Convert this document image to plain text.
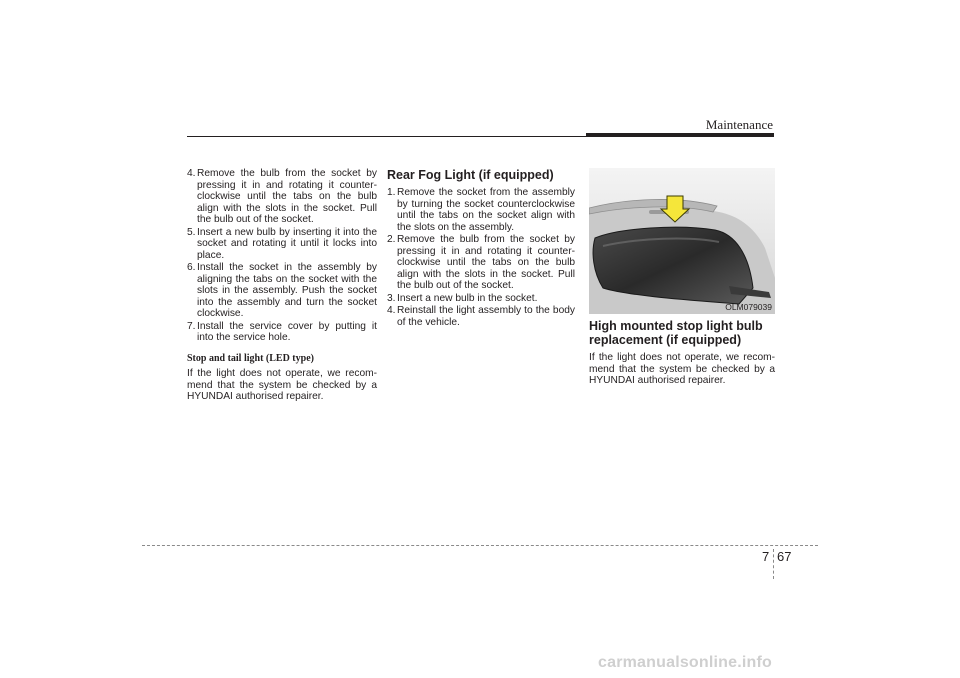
Maintenance
4. Remove the bulb from the socket by pressing it in and rotating it counter-clockwise until the tabs on the bulb align with the slots in the socket. Pull the bulb out of the socket.
5. Insert a new bulb by inserting it into the socket and rotating it until it locks into place.
6. Install the socket in the assembly by aligning the tabs on the socket with the slots in the assembly. Push the socket into the assembly and turn the socket clockwise.
7. Install the service cover by putting it into the service hole.
Stop and tail light (LED type)

If the light does not operate, we recom-mend that the system be checked by a HYUNDAI authorised repairer.

Rear Fog Light (if equipped)
1. Remove the socket from the assembly by turning the socket counterclockwise until the tabs on the socket align with the slots on the assembly.
2. Remove the bulb from the socket by pressing it in and rotating it counter-clockwise until the tabs on the bulb align with the slots in the socket. Pull the bulb out of the socket.
3. Insert a new bulb in the socket.
4. Reinstall the light assembly to the body of the vehicle.
OLM079039
High mounted stop light bulb
replacement (if equipped)

If the light does not operate, we recom-mend that the system be checked by a HYUNDAI authorised repairer.

7 67
carmanualsonline.info
